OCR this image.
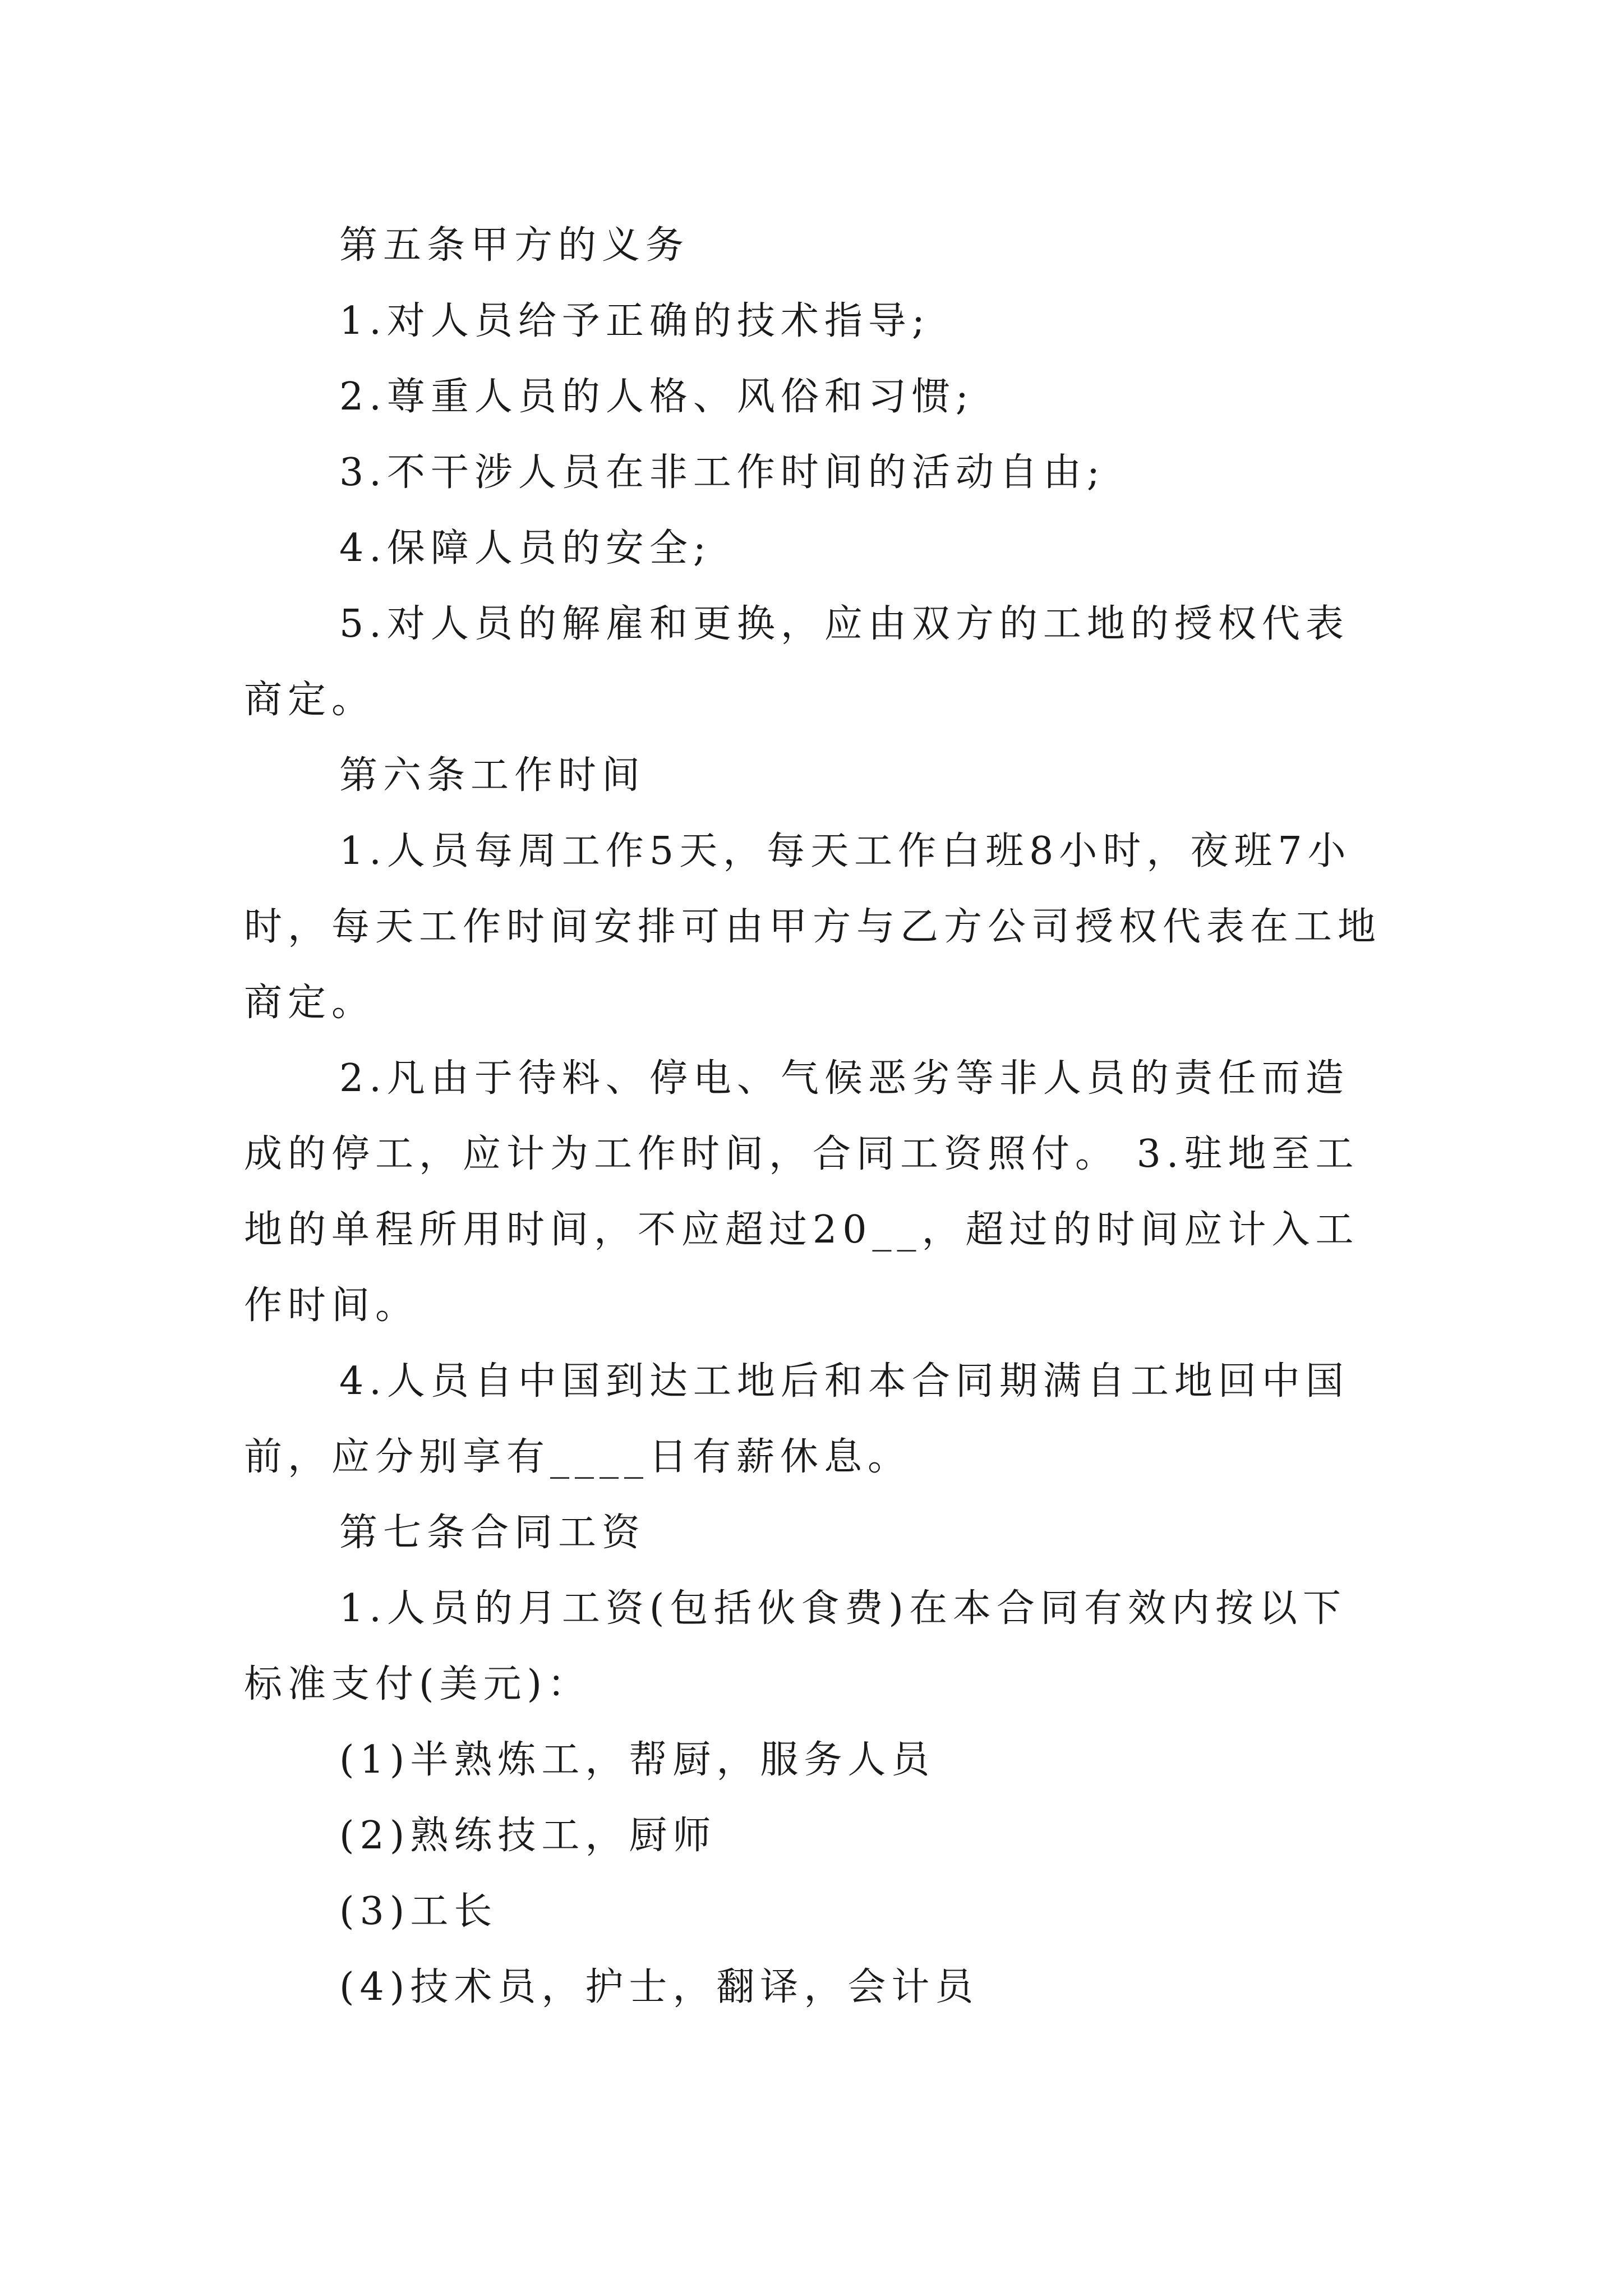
第五条甲方的义务

1.对人员给予正确的技术指导;

2.尊重人员的人格、风俗和习惯;

3.不干涉人员在非工作时间的活动自由;

4.保障人员的安全;

5.对人员的解雇和更换，应由双方的工地的授权代表商定。

第六条工作时间

1.人员每周工作5天，每天工作白班8小时，夜班7小时，每天工作时间安排可由甲方与乙方公司授权代表在工地商定。

2.凡由于待料、停电、气候恶劣等非人员的责任而造成的停工，应计为工作时间，合同工资照付。 3.驻地至工地的单程所用时间，不应超过20__，超过的时间应计入工作时间。

4.人员自中国到达工地后和本合同期满自工地回中国前，应分别享有____日有薪休息。

第七条合同工资

1.人员的月工资(包括伙食费)在本合同有效内按以下标准支付(美元)：

(1)半熟炼工，帮厨，服务人员

(2)熟练技工，厨师

(3)工长

(4)技术员，护士，翻译，会计员
